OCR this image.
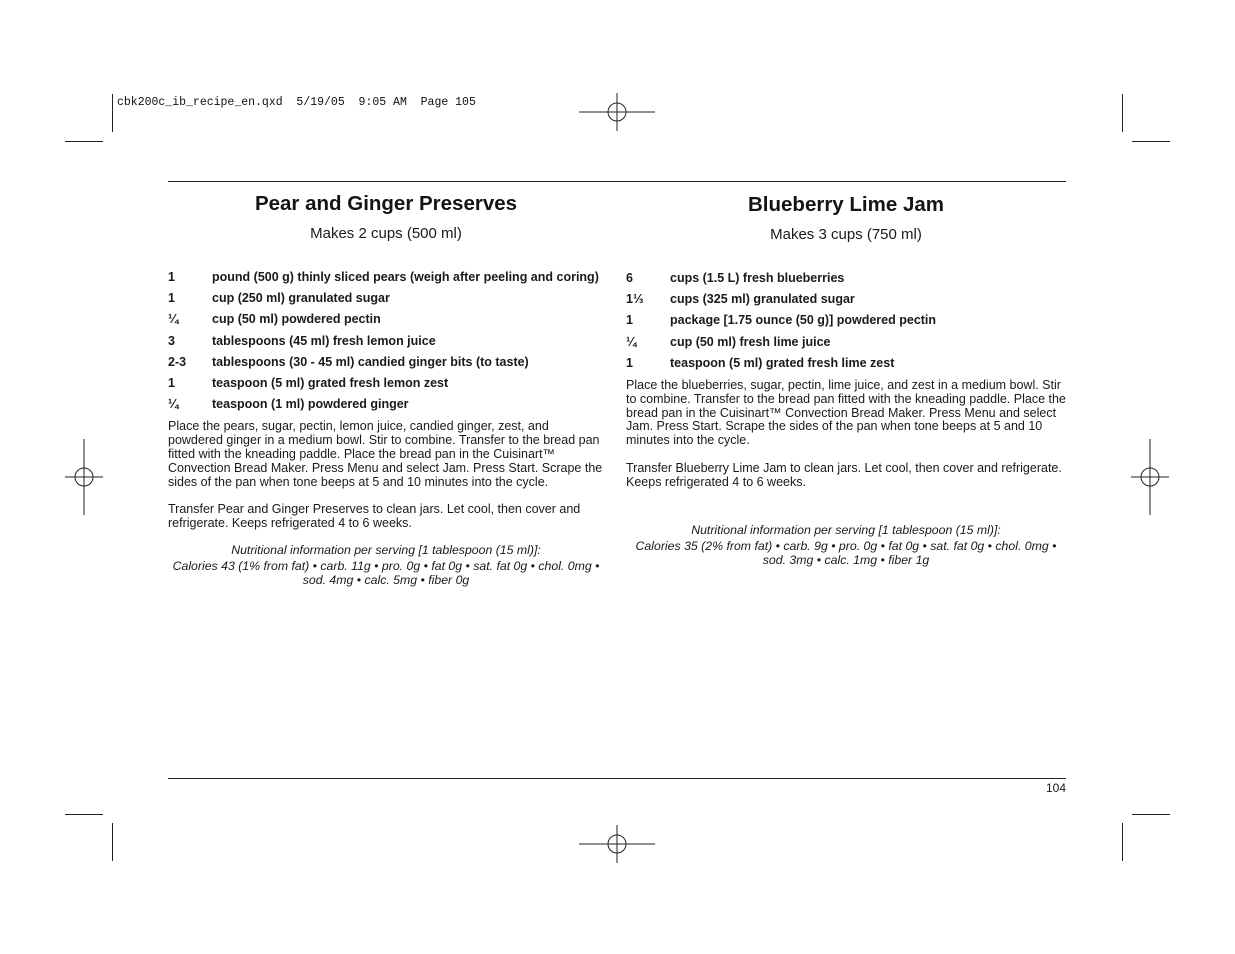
cbk200c_ib_recipe_en.qxd  5/19/05  9:05 AM  Page 105
Pear and Ginger Preserves
Makes 2 cups (500 ml)
1	pound (500 g) thinly sliced pears (weigh after peeling and coring)
1	cup (250 ml) granulated sugar
¼	cup (50 ml) powdered pectin
3	tablespoons (45 ml) fresh lemon juice
2-3	tablespoons (30 - 45 ml) candied ginger bits (to taste)
1	teaspoon (5 ml) grated fresh lemon zest
¼	teaspoon (1 ml) powdered ginger

Place the pears, sugar, pectin, lemon juice, candied ginger, zest, and powdered ginger in a medium bowl. Stir to combine. Transfer to the bread pan fitted with the kneading paddle. Place the bread pan in the Cuisinart™ Convection Bread Maker. Press Menu and select Jam. Press Start. Scrape the sides of the pan when tone beeps at 5 and 10 minutes into the cycle.

Transfer Pear and Ginger Preserves to clean jars. Let cool, then cover and refrigerate. Keeps refrigerated 4 to 6 weeks.

Nutritional information per serving [1 tablespoon (15 ml)]:
Calories 43 (1% from fat) • carb. 11g • pro. 0g • fat 0g • sat. fat 0g • chol. 0mg • sod. 4mg • calc. 5mg • fiber 0g
Blueberry Lime Jam
Makes 3 cups (750 ml)
6	cups (1.5 L) fresh blueberries
1⅓	cups (325 ml) granulated sugar
1	package [1.75 ounce (50 g)] powdered pectin
¼	cup (50 ml) fresh lime juice
1	teaspoon (5 ml) grated fresh lime zest

Place the blueberries, sugar, pectin, lime juice, and zest in a medium bowl. Stir to combine. Transfer to the bread pan fitted with the kneading paddle. Place the bread pan in the Cuisinart™ Convection Bread Maker. Press Menu and select Jam. Press Start. Scrape the sides of the pan when tone beeps at 5 and 10 minutes into the cycle.

Transfer Blueberry Lime Jam to clean jars. Let cool, then cover and refrigerate. Keeps refrigerated 4 to 6 weeks.

Nutritional information per serving [1 tablespoon (15 ml)]:
Calories 35 (2% from fat) • carb. 9g • pro. 0g • fat 0g • sat. fat 0g • chol. 0mg • sod. 3mg • calc. 1mg • fiber 1g
104
